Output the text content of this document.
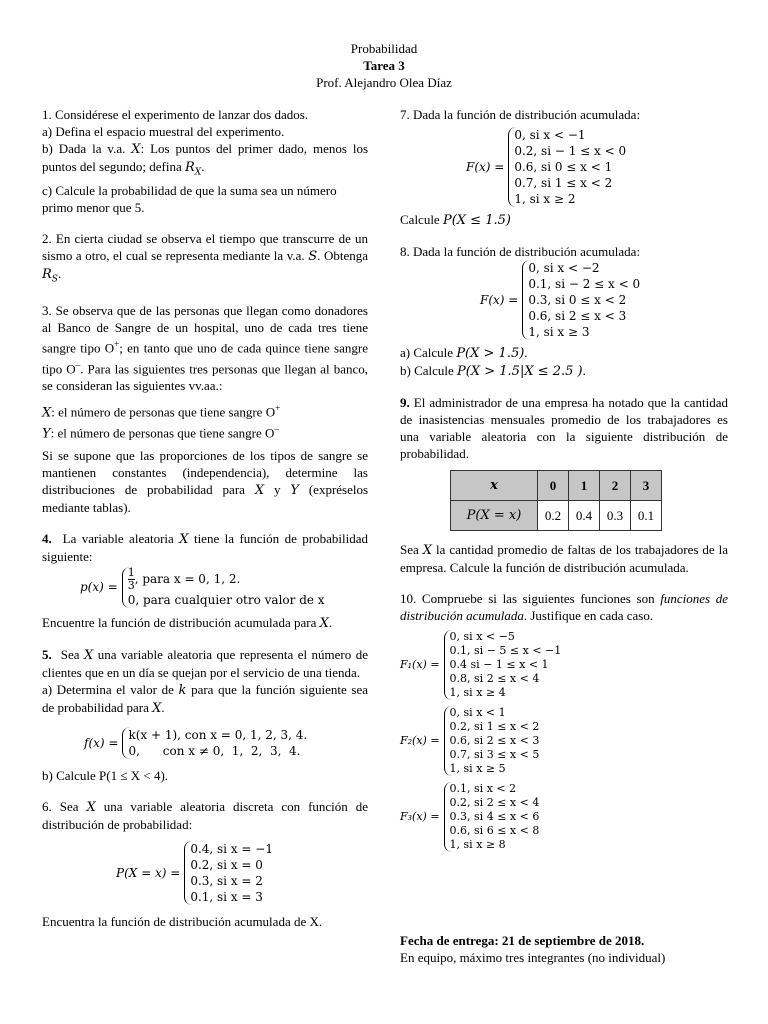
Probabilidad
Tarea 3
Prof. Alejandro Olea Díaz

1. Considérese el experimento de lanzar dos dados.

a) Defina el espacio muestral del experimento.

b) Dada la v.a. X: Los puntos del primer dado, menos los puntos del segundo; defina $R_X$.

c) Calcule la probabilidad de que la suma sea un número primo menor que 5.

2. En cierta ciudad se observa el tiempo que transcurre de un sismo a otro, el cual se representa mediante la v.a. S. Obtenga $R_S$.

3. Se observa que de las personas que llegan como donadores al Banco de Sangre de un hospital, uno de cada tres tiene sangre tipo O+; en tanto que uno de cada quince tiene sangre tipo O–. Para las siguientes tres personas que llegan al banco, se consideran las siguientes vv.aa.:

X: el número de personas que tiene sangre O+

Y: el número de personas que tiene sangre O–

Si se supone que las proporciones de los tipos de sangre se mantienen constantes (independencia), determine las distribuciones de probabilidad para X y Y (expréselos mediante tablas).

4. La variable aleatoria X tiene la función de probabilidad siguiente:

$p(x) = \frac{1}{3}$ , para x = 0, 1, 2.
0, para cualquier otro valor de x

Encuentre la función de distribución acumulada para X.

5. Sea X una variable aleatoria que representa el número de clientes que en un día se quejan por el servicio de una tienda.

a) Determina el valor de k para que la función siguiente sea de probabilidad para X.

f(x) =
k(x + 1), con x = 0, 1, 2, 3, 4.
0,      con x ≠ 0,  1,  2,  3,  4.

b) Calcule P(1 ≤ X < 4).

6. Sea X una variable aleatoria discreta con función de distribución de probabilidad:

P(X = x) =
0.4, si x = −1
0.2, si x = 0
0.3, si x = 2
0.1, si x = 3

Encuentra la función de distribución acumulada de X.

7. Dada la función de distribución acumulada:

F(x) =
0, si x < −1
0.2, si − 1 ≤ x < 0
0.6, si 0 ≤ x < 1
0.7, si 1 ≤ x < 2
1, si x ≥ 2

Calcule P(X ≤ 1.5)

8. Dada la función de distribución acumulada:

F(x) =
0, si x < −2
0.1, si − 2 ≤ x < 0
0.3, si 0 ≤ x < 2
0.6, si 2 ≤ x < 3
1, si x ≥ 3

a) Calcule P(X > 1.5).

b) Calcule P(X > 1.5|X ≤ 2.5 ).

9. El administrador de una empresa ha notado que la cantidad de inasistencias mensuales promedio de los trabajadores es una variable aleatoria con la siguiente distribución de probabilidad.

x	0	1	2	3
P(X = x)	0.2	0.4	0.3	0.1

Sea X la cantidad promedio de faltas de los trabajadores de la empresa. Calcule la función de distribución acumulada.

10. Compruebe si las siguientes funciones son funciones de distribución acumulada. Justifique en cada caso.

F₁(x) =
0, si x < −5
0.1, si − 5 ≤ x < −1
0.4 si − 1 ≤ x < 1
0.8, si 2 ≤ x < 4
1, si x ≥ 4
F₂(x) =
0, si x < 1
0.2, si 1 ≤ x < 2
0.6, si 2 ≤ x < 3
0.7, si 3 ≤ x < 5
1, si x ≥ 5
F₃(x) =
0.1, si x < 2
0.2, si 2 ≤ x < 4
0.3, si 4 ≤ x < 6
0.6, si 6 ≤ x < 8
1, si x ≥ 8

Fecha de entrega: 21 de septiembre de 2018.

En equipo, máximo tres integrantes (no individual)
